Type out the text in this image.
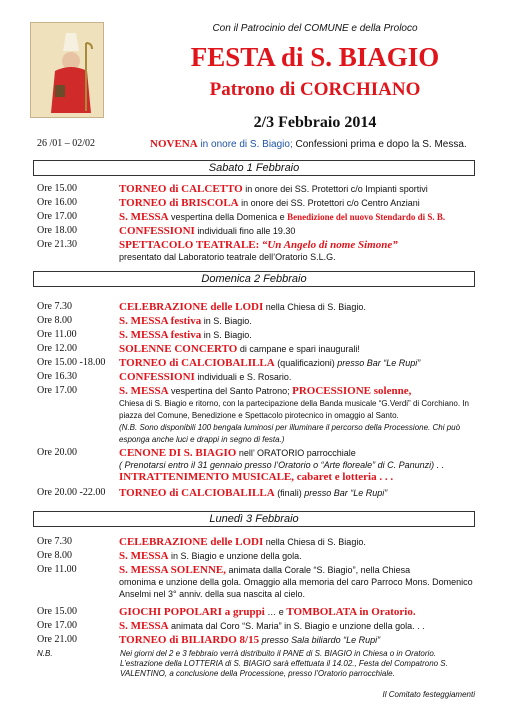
Con il Patrocinio del COMUNE e della Proloco
FESTA di S. BIAGIO
Patrono di CORCHIANO
2/3 Febbraio 2014
26 /01 – 02/02	NOVENA in onore di S. Biagio; Confessioni prima e dopo la S. Messa.
Sabato 1 Febbraio
Ore 15.00	TORNEO di CALCETTO in onore dei SS. Protettori c/o Impianti sportivi
Ore 16.00	TORNEO di BRISCOLA in onore dei SS. Protettori c/o Centro Anziani
Ore 17.00	S. MESSA vespertina della Domenica e Benedizione del nuovo Stendardo di S. B.
Ore 18.00	CONFESSIONI individuali fino alle 19.30
Ore 21.30	SPETTACOLO TEATRALE: “Un Angelo di nome Simone”
presentato dal Laboratorio teatrale dell’Oratorio S.L.G.
Domenica 2 Febbraio
Ore 7.30	CELEBRAZIONE delle LODI nella Chiesa di S. Biagio.
Ore 8.00	S. MESSA festiva in S. Biagio.
Ore 11.00	S. MESSA festiva in S. Biagio.
Ore 12.00	SOLENNE CONCERTO di campane e spari inaugurali!
Ore 15.00 -18.00	TORNEO di CALCIOBALILLA (qualificazioni) presso Bar “Le Rupi”
Ore 16.30	CONFESSIONI individuali e S. Rosario.
Ore 17.00	S. MESSA vespertina del Santo Patrono; PROCESSIONE solenne,
Chiesa di S. Biagio e ritorno, con la partecipazione della Banda musicale “G.Verdi” di Corchiano. In piazza del Comune, Benedizione e Spettacolo pirotecnico in omaggio al Santo.
(N.B. Sono disponibili 100 bengala luminosi per illuminare il percorso della Processione. Chi può esponga anche luci e drappi in segno di festa.)
Ore 20.00	CENONE DI S. BIAGIO nell’ ORATORIO parrocchiale
( Prenotarsi entro il 31 gennaio presso l’Oratorio o “Arte floreale” di C. Panunzi) . .
INTRATTENIMENTO MUSICALE, cabaret e lotteria . . .
Ore 20.00 -22.00	TORNEO di CALCIOBALILLA (finali) presso Bar “Le Rupi”
Lunedì 3 Febbraio
Ore 7.30	CELEBRAZIONE delle LODI nella Chiesa di S. Biagio.
Ore 8.00	S. MESSA in S. Biagio e unzione della gola.
Ore 11.00	S. MESSA SOLENNE, animata dalla Corale “S. Biagio”, nella Chiesa
omonima e unzione della gola. Omaggio alla memoria del caro Parroco Mons. Domenico Anselmi nel 3° anniv. della sua nascita al cielo.
Ore 15.00	GIOCHI POPOLARI a gruppi … e TOMBOLATA in Oratorio.
Ore 17.00	S. MESSA animata dal Coro “S. Maria” in S. Biagio e unzione della gola. . .
Ore 21.00	TORNEO di BILIARDO 8/15 presso Sala biliardo “Le Rupi”
N.B.	Nei giorni del 2 e 3 febbraio verrà distribuito il PANE di S. BIAGIO in Chiesa o in Oratorio. L’estrazione della LOTTERIA di S. BIAGIO sarà effettuata il 14.02., Festa del Compatrono S. VALENTINO, a conclusione della Processione, presso l’Oratorio parrocchiale.
Il Comitato festeggiamenti
